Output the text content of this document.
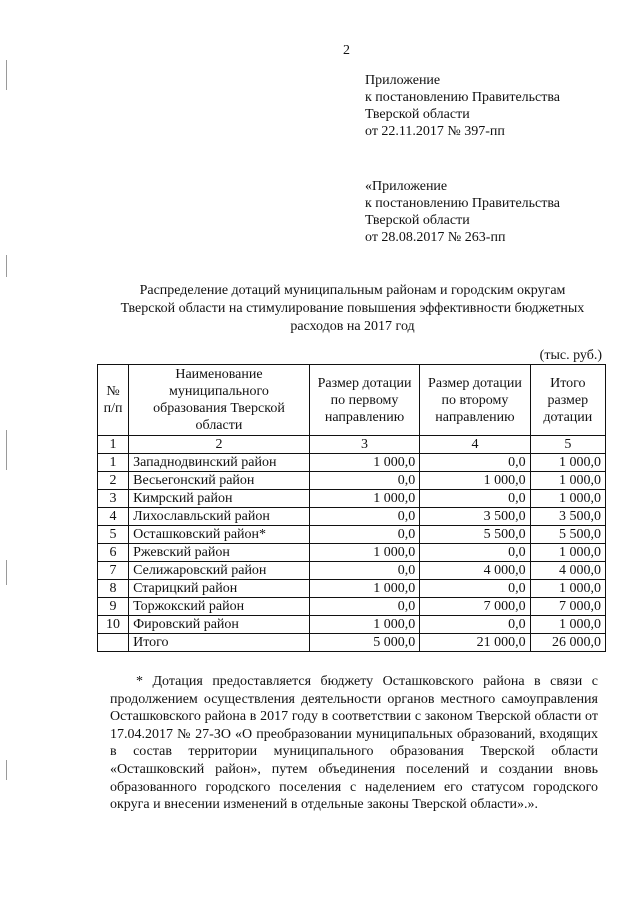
2
Приложение
к постановлению Правительства
Тверской области
от 22.11.2017 № 397-пп
«Приложение
к постановлению Правительства
Тверской области
от 28.08.2017 № 263-пп
Распределение дотаций муниципальным районам и городским округам
Тверской области на стимулирование повышения эффективности бюджетных
расходов на 2017 год
(тыс. руб.)
№ п/п	Наименование муниципального образования Тверской области	Размер дотации по первому направлению	Размер дотации по второму направлению	Итого размер дотации
1	2	3	4	5
1	Западнодвинский район	1 000,0	0,0	1 000,0
2	Весьегонский район	0,0	1 000,0	1 000,0
3	Кимрский район	1 000,0	0,0	1 000,0
4	Лихославльский район	0,0	3 500,0	3 500,0
5	Осташковский район*	0,0	5 500,0	5 500,0
6	Ржевский район	1 000,0	0,0	1 000,0
7	Селижаровский район	0,0	4 000,0	4 000,0
8	Старицкий район	1 000,0	0,0	1 000,0
9	Торжокский район	0,0	7 000,0	7 000,0
10	Фировский район	1 000,0	0,0	1 000,0
	Итого	5 000,0	21 000,0	26 000,0

* Дотация предоставляется бюджету Осташковского района в связи с продолжением осуществления деятельности органов местного самоуправления Осташковского района в 2017 году в соответствии с законом Тверской области от 17.04.2017 № 27-ЗО «О преобразовании муниципальных образований, входящих в состав территории муниципального образования Тверской области «Осташковский район», путем объединения поселений и создании вновь образованного городского поселения с наделением его статусом городского округа и внесении изменений в отдельные законы Тверской области».».
